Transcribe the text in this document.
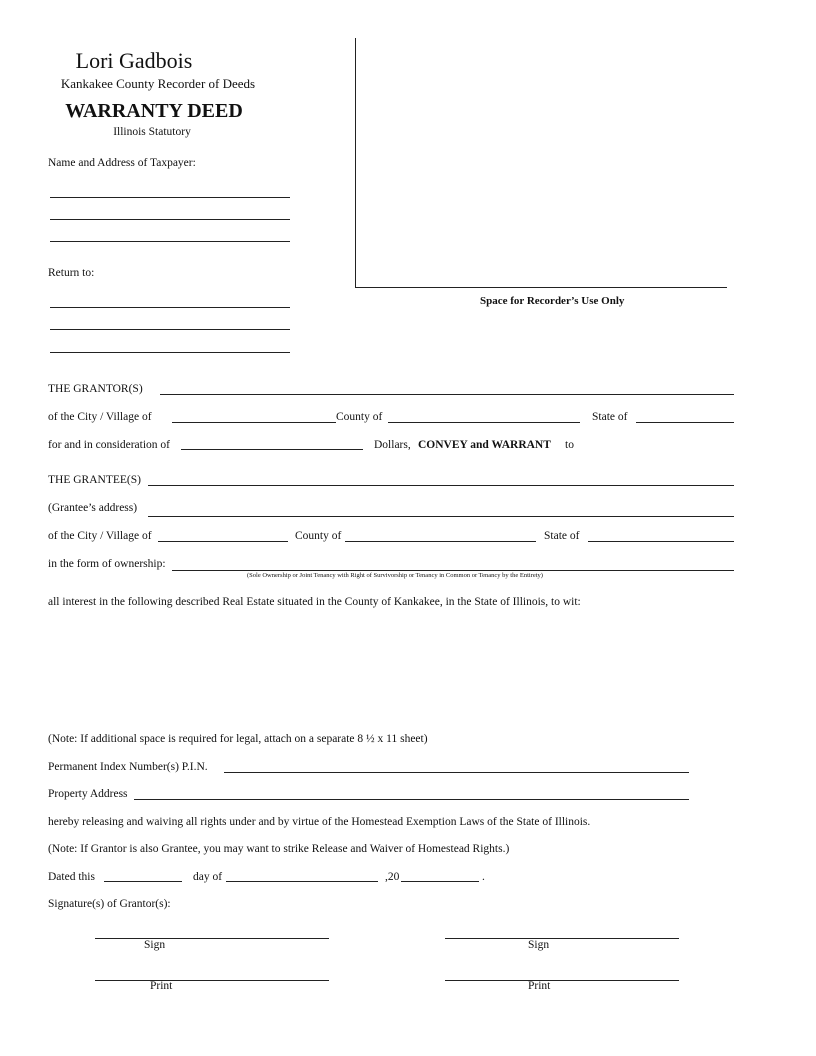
Lori Gadbois
Kankakee County Recorder of Deeds
WARRANTY DEED
Illinois Statutory
Space for Recorder’s Use Only
Name and Address of Taxpayer:
Return to:
THE GRANTOR(S)
of the City / Village of	County of	State of
for and in consideration of	Dollars, CONVEY and WARRANT to
THE GRANTEE(S)
(Grantee’s address)
of the City / Village of	County of	State of
in the form of ownership:
(Sole Ownership or Joint Tenancy with Right of Survivorship or Tenancy in Common or Tenancy by the Entirety)
all interest in the following described Real Estate situated in the County of Kankakee, in the State of Illinois, to wit:
(Note: If additional space is required for legal, attach on a separate 8 ½ x 11 sheet)
Permanent Index Number(s) P.I.N.
Property Address
hereby releasing and waiving all rights under and by virtue of the Homestead Exemption Laws of the State of Illinois.
(Note: If Grantor is also Grantee, you may want to strike Release and Waiver of Homestead Rights.)
Dated this	day of	,20	.
Signature(s) of Grantor(s):
Sign	Sign
Print	Print
